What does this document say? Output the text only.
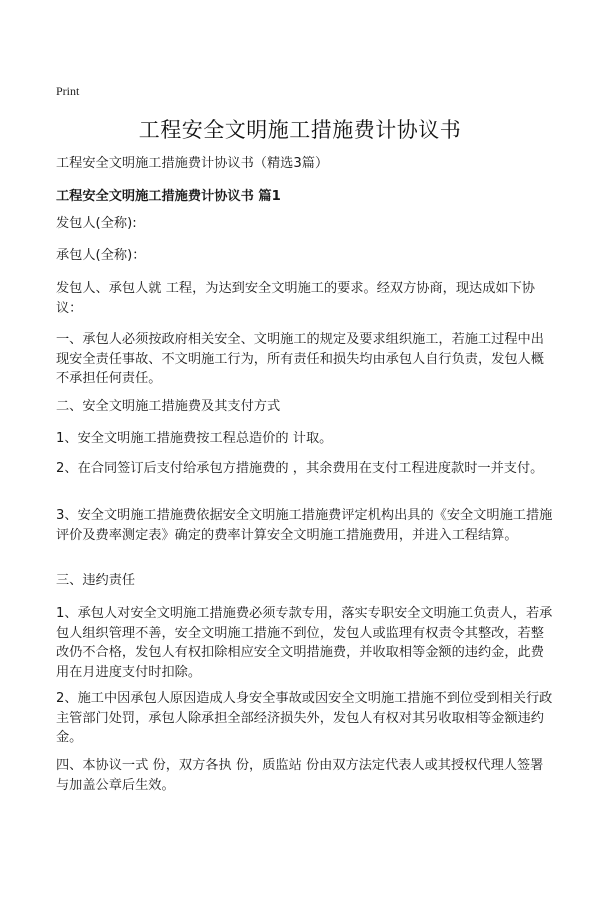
Print
工程安全文明施工措施费计协议书
工程安全文明施工措施费计协议书（精选3篇）
工程安全文明施工措施费计协议书 篇1
发包人(全称):
承包人(全称)：
发包人、承包人就 工程，为达到安全文明施工的要求。经双方协商，现达成如下协议：
一、承包人必须按政府相关安全、文明施工的规定及要求组织施工，若施工过程中出现安全责任事故、不文明施工行为，所有责任和损失均由承包人自行负责，发包人概不承担任何责任。
二、安全文明施工措施费及其支付方式
1、安全文明施工措施费按工程总造价的 计取。
2、在合同签订后支付给承包方措施费的 ，其余费用在支付工程进度款时一并支付。
3、安全文明施工措施费依据安全文明施工措施费评定机构出具的《安全文明施工措施评价及费率测定表》确定的费率计算安全文明施工措施费用，并进入工程结算。
三、违约责任
1、承包人对安全文明施工措施费必须专款专用，落实专职安全文明施工负责人，若承包人组织管理不善，安全文明施工措施不到位，发包人或监理有权责令其整改，若整改仍不合格，发包人有权扣除相应安全文明措施费，并收取相等金额的违约金，此费用在月进度支付时扣除。
2、施工中因承包人原因造成人身安全事故或因安全文明施工措施不到位受到相关行政主管部门处罚，承包人除承担全部经济损失外，发包人有权对其另收取相等金额违约金。
四、本协议一式 份，双方各执 份，质监站 份由双方法定代表人或其授权代理人签署与加盖公章后生效。
